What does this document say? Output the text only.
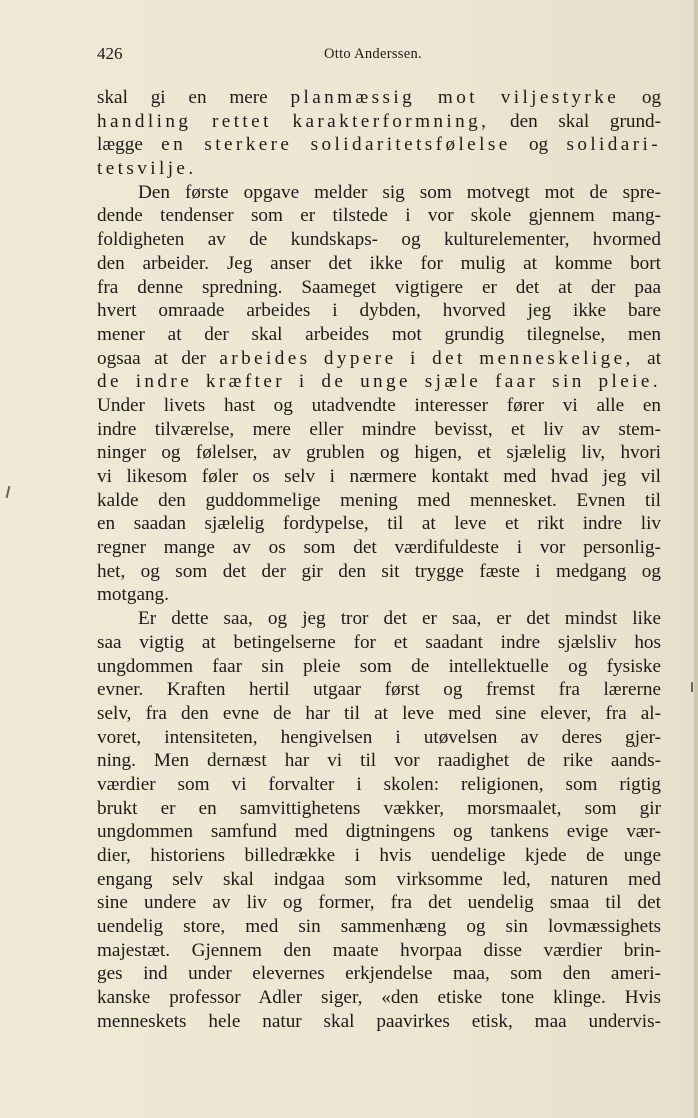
426	Otto Anderssen.
skal gi en mere planmæssig mot viljestyrke og
handling rettet karakterformning, den skal grund-
lægge en sterkere solidaritetsfølelse og solidari-
tetsvilje.
Den første opgave melder sig som motvegt mot de spre-
dende tendenser som er tilstede i vor skole gjennem mang-
foldigheten av de kundskaps- og kulturelementer, hvormed
den arbeider. Jeg anser det ikke for mulig at komme bort
fra denne spredning. Saameget vigtigere er det at der paa
hvert omraade arbeides i dybden, hvorved jeg ikke bare
mener at der skal arbeides mot grundig tilegnelse, men
ogsaa at der arbeides dypere i det menneskelige, at
de indre kræfter i de unge sjæle faar sin pleie.
Under livets hast og utadvendte interesser fører vi alle en
indre tilværelse, mere eller mindre bevisst, et liv av stem-
ninger og følelser, av grublen og higen, et sjælelig liv, hvori
vi likesom føler os selv i nærmere kontakt med hvad jeg vil
kalde den guddommelige mening med mennesket. Evnen til
en saadan sjælelig fordypelse, til at leve et rikt indre liv
regner mange av os som det værdifuldeste i vor personlig-
het, og som det der gir den sit trygge fæste i medgang og
motgang.
Er dette saa, og jeg tror det er saa, er det mindst like
saa vigtig at betingelserne for et saadant indre sjælsliv hos
ungdommen faar sin pleie som de intellektuelle og fysiske
evner. Kraften hertil utgaar først og fremst fra lærerne
selv, fra den evne de har til at leve med sine elever, fra al-
voret, intensiteten, hengivelsen i utøvelsen av deres gjer-
ning. Men dernæst har vi til vor raadighet de rike aands-
værdier som vi forvalter i skolen: religionen, som rigtig
brukt er en samvittighetens vækker, morsmaalet, som gir
ungdommen samfund med digtningens og tankens evige vær-
dier, historiens billedrække i hvis uendelige kjede de unge
engang selv skal indgaa som virksomme led, naturen med
sine undere av liv og former, fra det uendelig smaa til det
uendelig store, med sin sammenhæng og sin lovmæssighets
majestæt. Gjennem den maate hvorpaa disse værdier brin-
ges ind under elevernes erkjendelse maa, som den ameri-
kanske professor Adler siger, «den etiske tone klinge. Hvis
menneskets hele natur skal paavirkes etisk, maa undervis-
